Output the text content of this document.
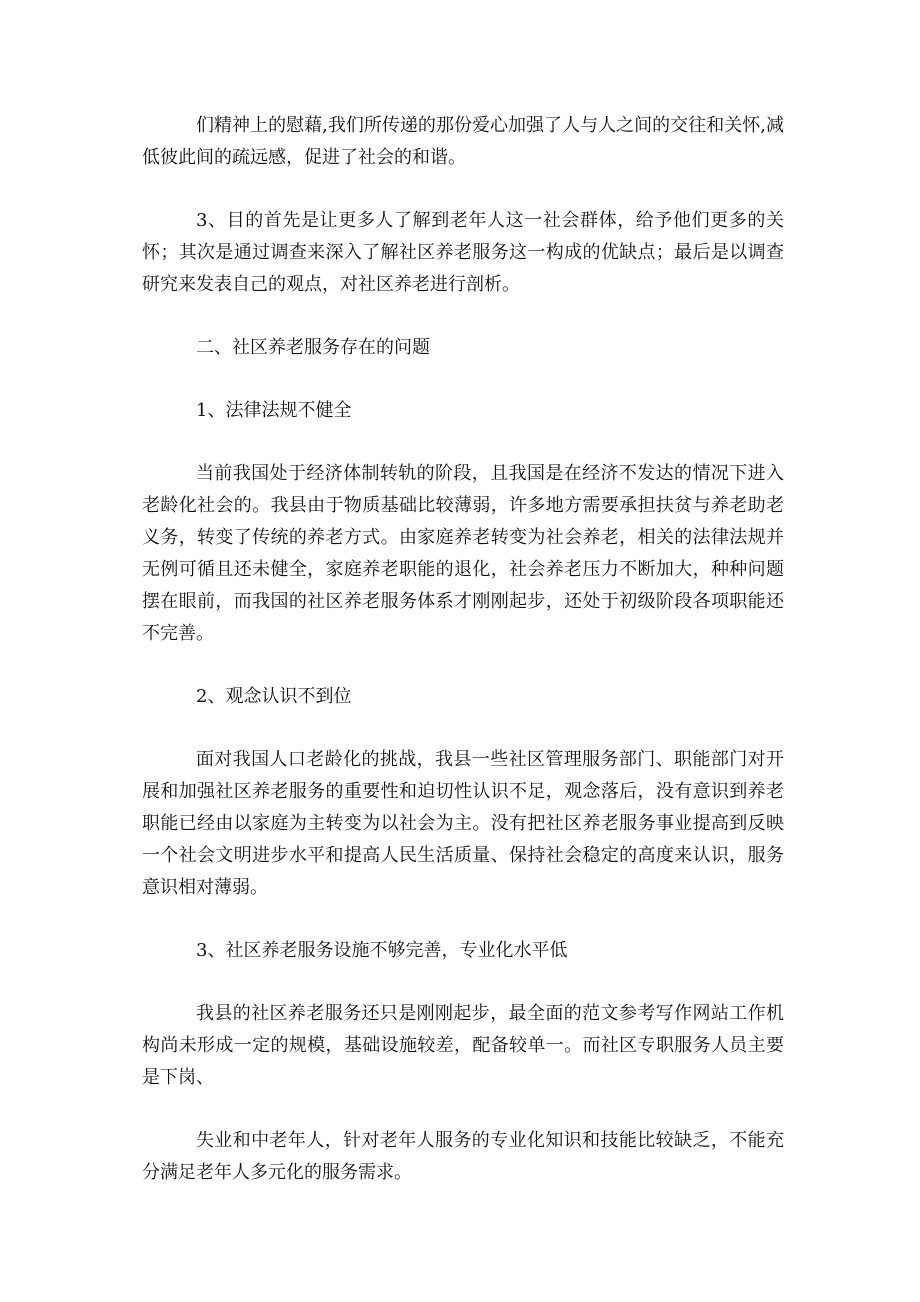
们精神上的慰藉,我们所传递的那份爱心加强了人与人之间的交往和关怀,减低彼此间的疏远感，促进了社会的和谐。

3、目的首先是让更多人了解到老年人这一社会群体，给予他们更多的关怀；其次是通过调查来深入了解社区养老服务这一构成的优缺点；最后是以调查研究来发表自己的观点，对社区养老进行剖析。

二、社区养老服务存在的问题

1、法律法规不健全

当前我国处于经济体制转轨的阶段，且我国是在经济不发达的情况下进入老龄化社会的。我县由于物质基础比较薄弱，许多地方需要承担扶贫与养老助老义务，转变了传统的养老方式。由家庭养老转变为社会养老，相关的法律法规并无例可循且还未健全，家庭养老职能的退化，社会养老压力不断加大，种种问题摆在眼前，而我国的社区养老服务体系才刚刚起步，还处于初级阶段各项职能还不完善。

2、观念认识不到位

面对我国人口老龄化的挑战，我县一些社区管理服务部门、职能部门对开展和加强社区养老服务的重要性和迫切性认识不足，观念落后，没有意识到养老职能已经由以家庭为主转变为以社会为主。没有把社区养老服务事业提高到反映一个社会文明进步水平和提高人民生活质量、保持社会稳定的高度来认识，服务意识相对薄弱。

3、社区养老服务设施不够完善，专业化水平低

我县的社区养老服务还只是刚刚起步，最全面的范文参考写作网站工作机构尚未形成一定的规模，基础设施较差，配备较单一。而社区专职服务人员主要是下岗、

失业和中老年人，针对老年人服务的专业化知识和技能比较缺乏，不能充分满足老年人多元化的服务需求。
